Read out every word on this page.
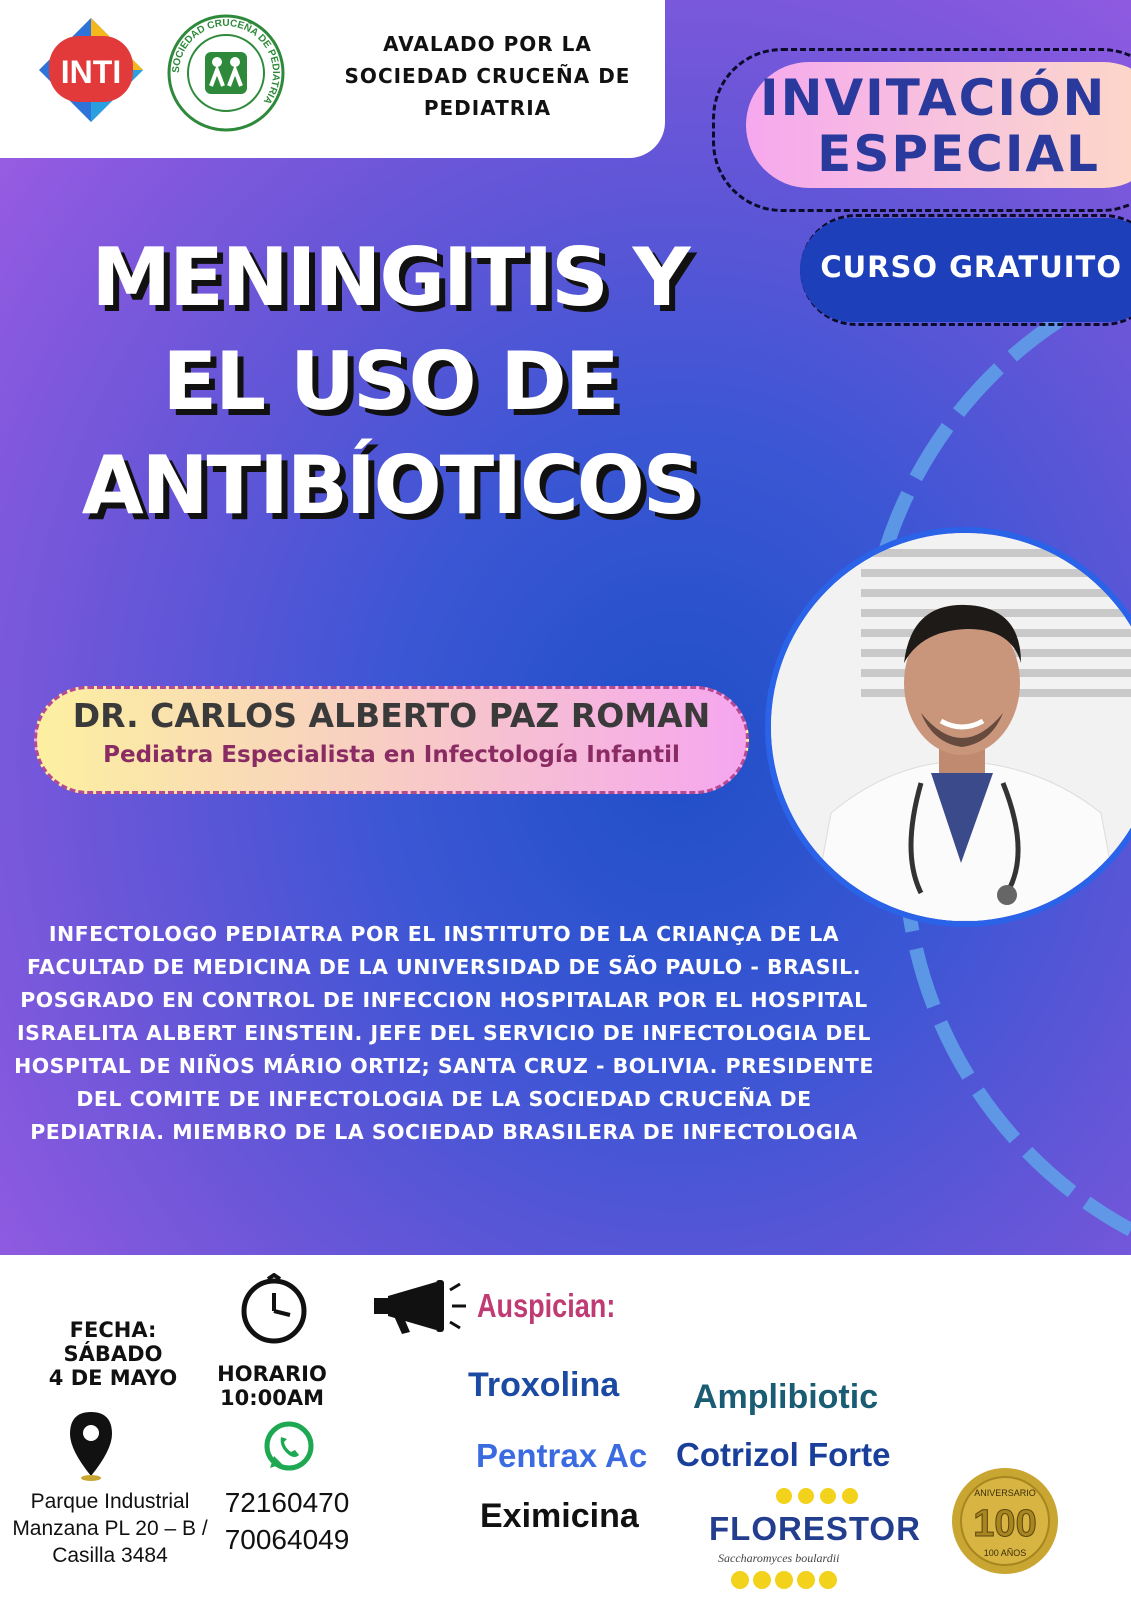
INTI	SOCIEDAD CRUCEÑA DE PEDIATRIA
AVALADO POR LA
SOCIEDAD CRUCEÑA DE
PEDIATRIA	INVITACIÓN
ESPECIAL
CURSO GRATUITO
MENINGITIS Y
EL USO DE
ANTIBÍOTICOS
DR. CARLOS ALBERTO PAZ ROMAN
Pediatra Especialista en Infectología Infantil
INFECTOLOGO PEDIATRA POR EL INSTITUTO DE LA CRIANÇA DE LA
FACULTAD DE MEDICINA DE LA UNIVERSIDAD DE SÃO PAULO - BRASIL.
POSGRADO EN CONTROL DE INFECCION HOSPITALAR POR EL HOSPITAL
ISRAELITA ALBERT EINSTEIN. JEFE DEL SERVICIO DE INFECTOLOGIA DEL
HOSPITAL DE NIÑOS MÁRIO ORTIZ; SANTA CRUZ - BOLIVIA. PRESIDENTE
DEL COMITE DE INFECTOLOGIA DE LA SOCIEDAD CRUCEÑA DE
PEDIATRIA. MIEMBRO DE LA SOCIEDAD BRASILERA DE INFECTOLOGIA
FECHA: SÁBADO
4 DE MAYO	HORARIO
10:00AM
Parque Industrial
Manzana PL 20 – B /
Casilla 3484
72160470
70064049
Auspician:
Troxolina Amplibiotic
Pentrax Ac Cotrizol Forte
Eximicina FLORESTOR
Saccharomyces boulardii
ANIVERSARIO
100
100 AÑOS
